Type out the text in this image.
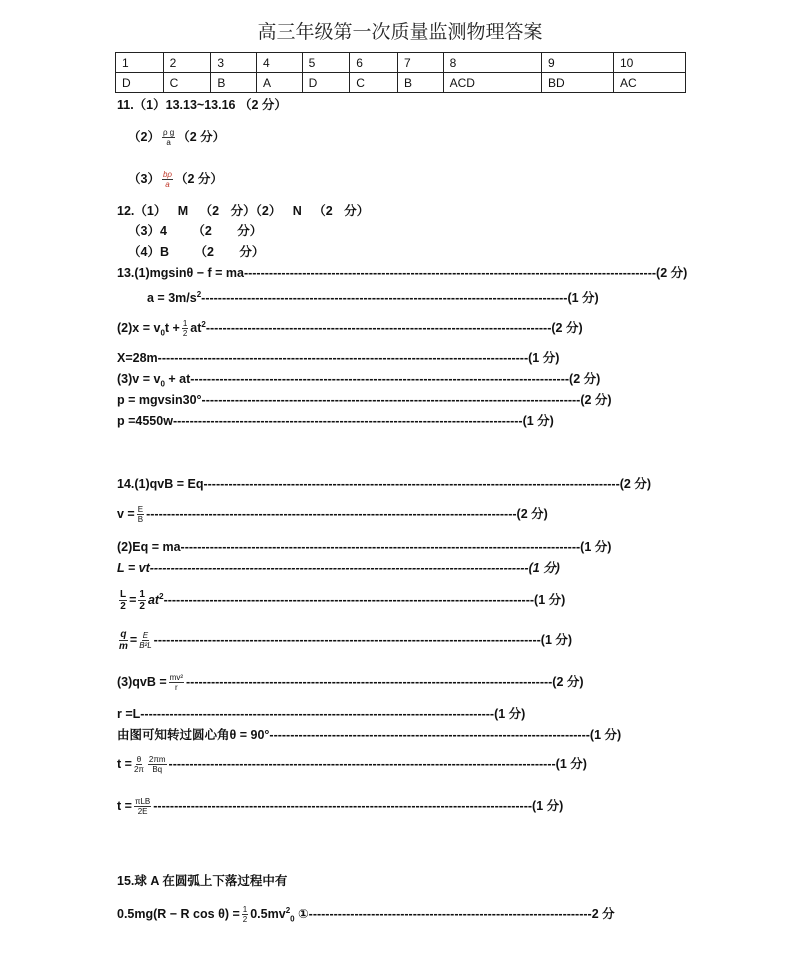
高三年级第一次质量监测物理答案
1	2	3	4	5	6	7	8	9	10
D	C	B	A	D	C	B	ACD	BD	AC
11.（1）13.13~13.16 （2 分）
$(2) \frac{\text{ρ g}}{a} (2$ 分）
$(3) \frac{b\rho}{a} (2$ 分）
12.（1） M （2 分）（2） N （2 分）
（3）4 （2 分）
（4）B （2 分）
13.(1)mgsinθ − f = ma---------------------------------------------------------------------------------------------------(2 分)
$a = 3m/s^2----------------------------------------------------------------------------------------(1$ 分)
$(2)x = v_0t + \frac{1}{2} at^2-----------------------------------------------------------------------------------(2$ 分)
X=28m-----------------------------------------------------------------------------------------(1 分)
$(3)v = v_0 + at-------------------------------------------------------------------------------------------(2$ 分)
p = mgvsin30°-------------------------------------------------------------------------------------------(2 分)
p =4550w------------------------------------------------------------------------------------(1 分)
14.(1)qvB = Eq----------------------------------------------------------------------------------------------------(2 分)
$v = \frac{E}{B} -----------------------------------------------------------------------------------------(2$ 分)
(2)Eq = ma------------------------------------------------------------------------------------------------(1 分)
L = vt-------------------------------------------------------------------------------------------(1 分)
$\frac{L}{2} = \frac{1}{2} at^2-----------------------------------------------------------------------------------------(1$ 分)
$\frac{q}{m} = \frac{E}{\text{B²L}} ---------------------------------------------------------------------------------------------(1$ 分)
$(3)qvB = \frac{\text{mv²}}{r} ----------------------------------------------------------------------------------------(2$ 分)
r =L-------------------------------------------------------------------------------------(1 分)
由图可知转过圆心角θ = 90°-----------------------------------------------------------------------------(1 分)
$t = \frac{\theta}{2\pi} \frac{2\pi m}{Bq} ---------------------------------------------------------------------------------------------(1$ 分)
$t = \frac{\text{πLB}}{2E} -------------------------------------------------------------------------------------------(1$ 分)
15.球 A 在圆弧上下落过程中有
0.5mg(R − R $\cos \theta) = \frac{1}{2} 0.5mv^2_0$ ①--------------------------------------------------------------------2 分
